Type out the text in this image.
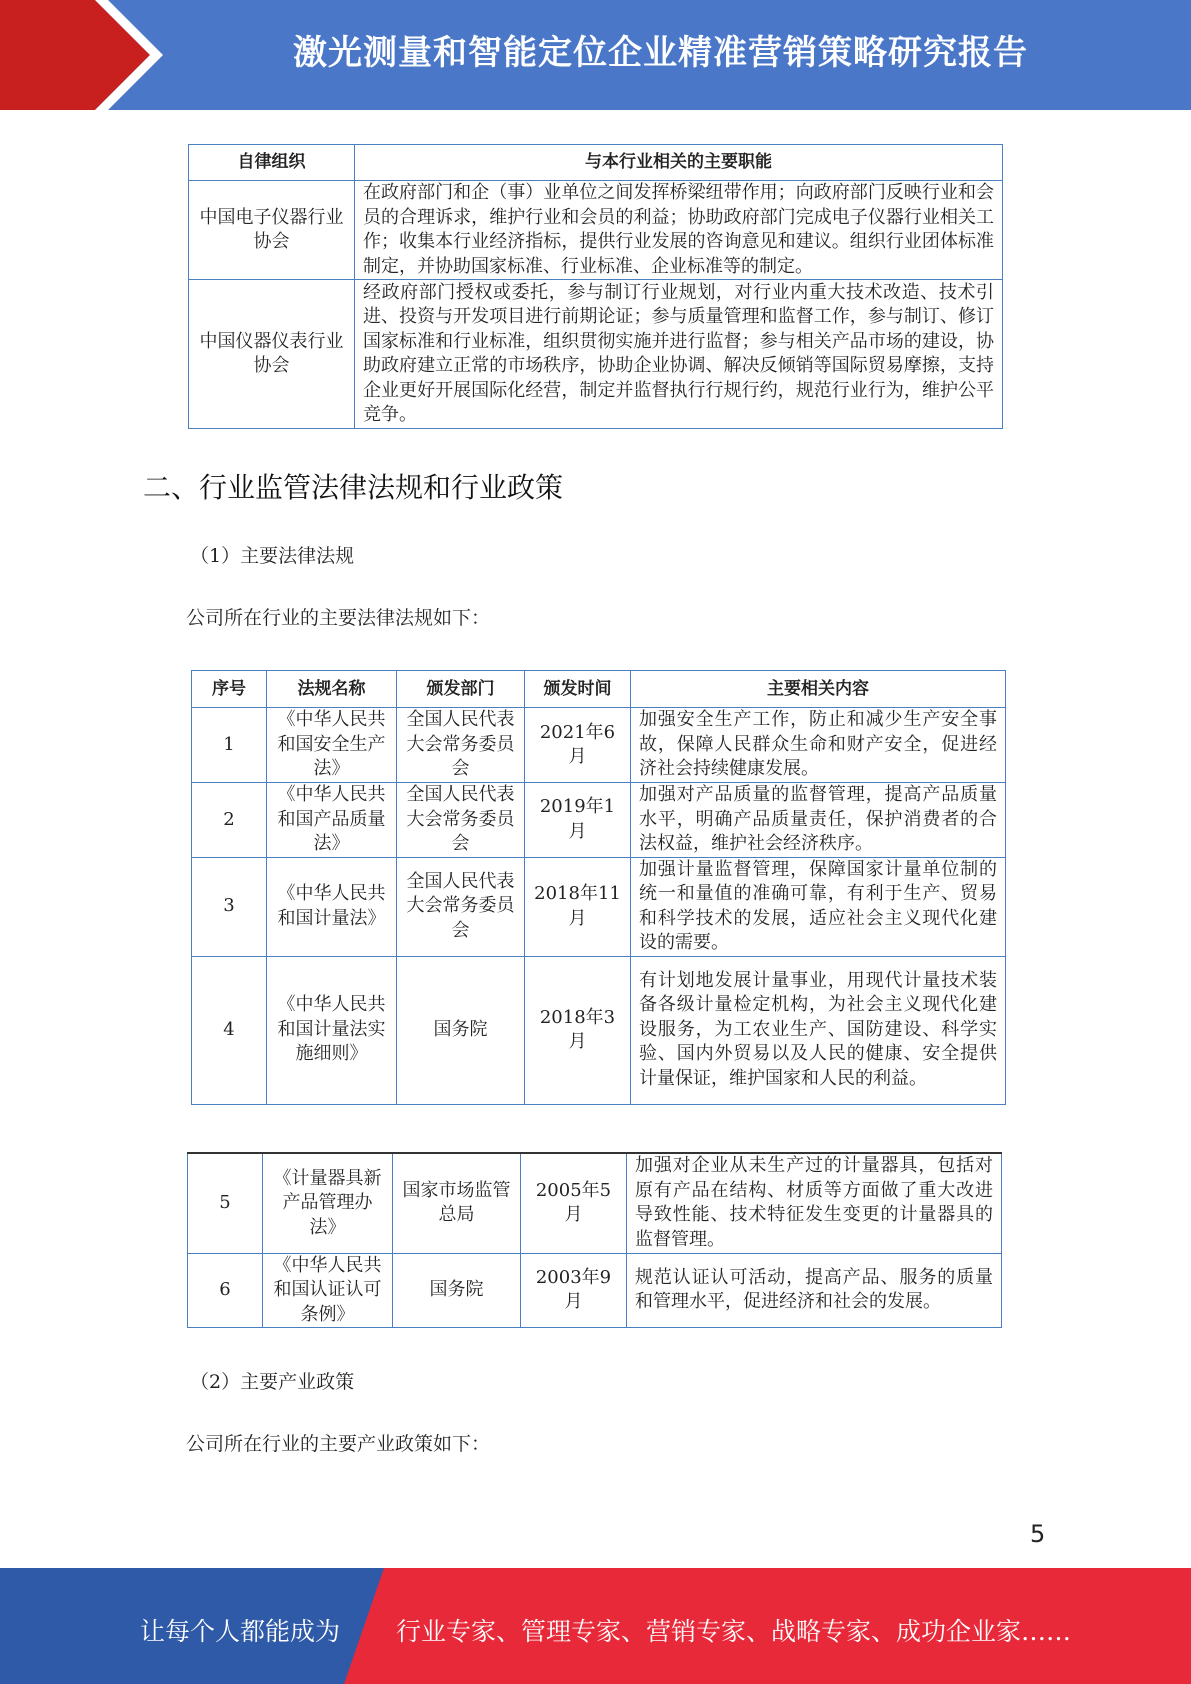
激光测量和智能定位企业精准营销策略研究报告
自律组织	与本行业相关的主要职能
中国电子仪器行业协会	在政府部门和企（事）业单位之间发挥桥梁纽带作用；向政府部门反映行业和会员的合理诉求，维护行业和会员的利益；协助政府部门完成电子仪器行业相关工作；收集本行业经济指标，提供行业发展的咨询意见和建议。组织行业团体标准制定，并协助国家标准、行业标准、企业标准等的制定。
中国仪器仪表行业协会	经政府部门授权或委托，参与制订行业规划，对行业内重大技术改造、技术引进、投资与开发项目进行前期论证；参与质量管理和监督工作，参与制订、修订国家标准和行业标准，组织贯彻实施并进行监督；参与相关产品市场的建设，协助政府建立正常的市场秩序，协助企业协调、解决反倾销等国际贸易摩擦，支持企业更好开展国际化经营，制定并监督执行行规行约，规范行业行为，维护公平竞争。
二、行业监管法律法规和行业政策
（1）主要法律法规
公司所在行业的主要法律法规如下：
序号	法规名称	颁发部门	颁发时间	主要相关内容
1	《中华人民共和国安全生产法》	全国人民代表大会常务委员会	2021年6月	加强安全生产工作，防止和减少生产安全事故，保障人民群众生命和财产安全，促进经济社会持续健康发展。
2	《中华人民共和国产品质量法》	全国人民代表大会常务委员会	2019年1月	加强对产品质量的监督管理，提高产品质量水平，明确产品质量责任，保护消费者的合法权益，维护社会经济秩序。
3	《中华人民共和国计量法》	全国人民代表大会常务委员会	2018年11月	加强计量监督管理，保障国家计量单位制的统一和量值的准确可靠，有利于生产、贸易和科学技术的发展，适应社会主义现代化建设的需要。
4	《中华人民共和国计量法实施细则》	国务院	2018年3月	有计划地发展计量事业，用现代计量技术装备各级计量检定机构，为社会主义现代化建设服务，为工农业生产、国防建设、科学实验、国内外贸易以及人民的健康、安全提供计量保证，维护国家和人民的利益。
5	《计量器具新产品管理办法》	国家市场监管总局	2005年5月	加强对企业从未生产过的计量器具，包括对原有产品在结构、材质等方面做了重大改进导致性能、技术特征发生变更的计量器具的监督管理。
6	《中华人民共和国认证认可条例》	国务院	2003年9月	规范认证认可活动，提高产品、服务的质量和管理水平，促进经济和社会的发展。
（2）主要产业政策
公司所在行业的主要产业政策如下：
5
让每个人都能成为 行业专家、管理专家、营销专家、战略专家、成功企业家……
